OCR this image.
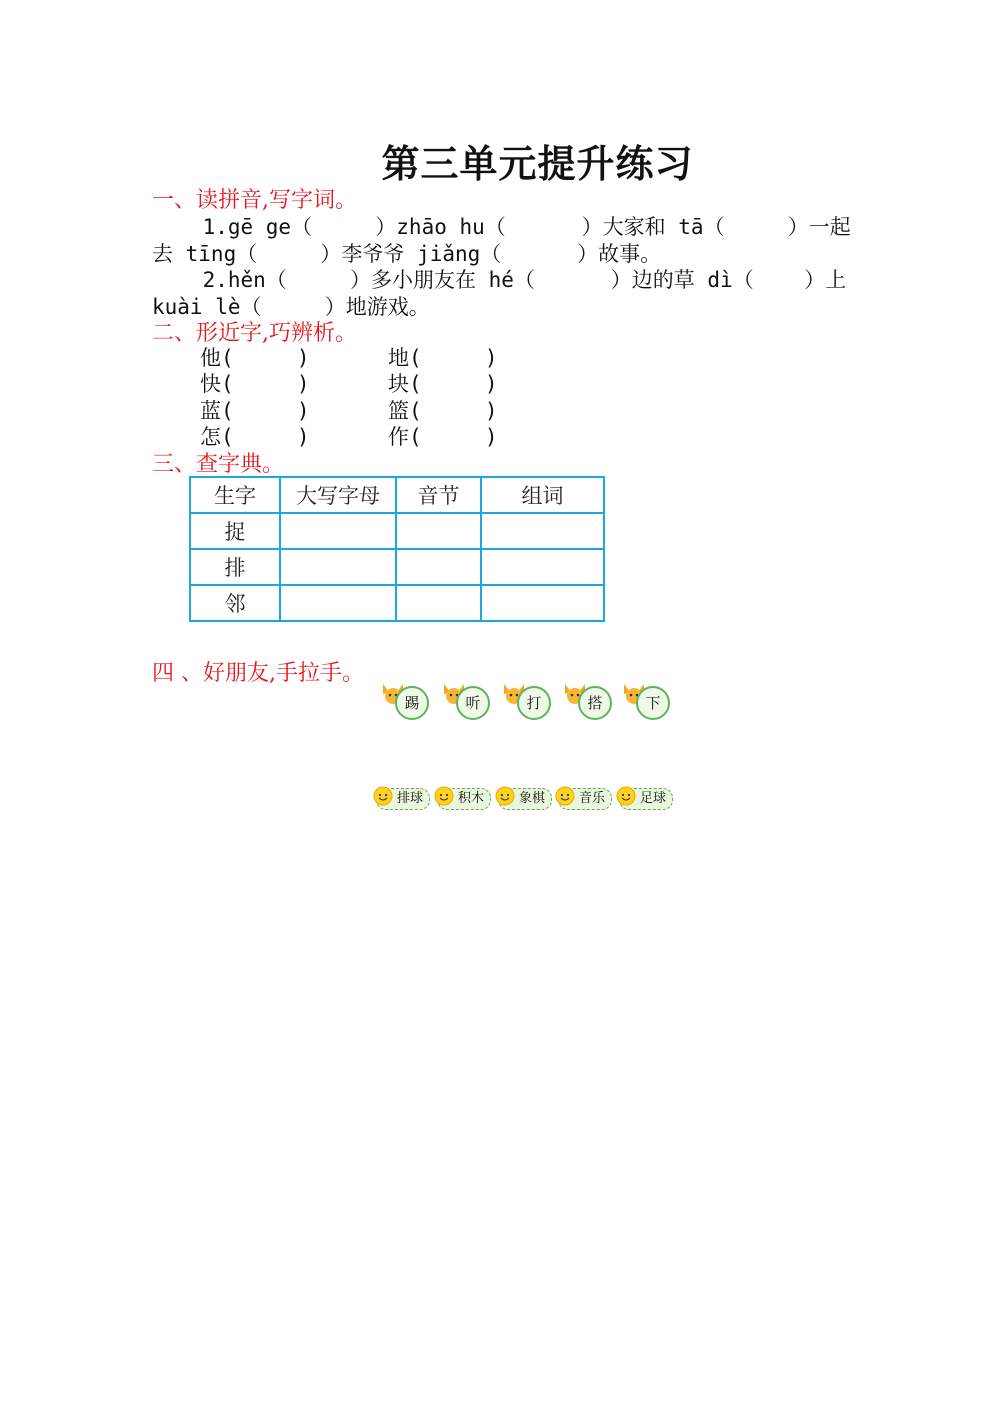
第三单元提升练习
一、读拼音,写字词。
1.gē ge（     ）zhāo hu（      ）大家和 tā（     ）一起
去 tīng（     ）李爷爷 jiǎng（      ）故事。
2.hěn（     ）多小朋友在 hé（      ）边的草 dì（    ）上
kuài lè（     ）地游戏。
二、形近字,巧辨析。
他(     )	地(     )
快(     )	块(     )
蓝(     )	篮(     )
怎(     )	作(     )
三、查字典。
生字	大写字母	音节	组词
捉			
排			
邻			
四 、好朋友,手拉手。
踢	听	打	搭	下
排球	积木	象棋	音乐	足球
